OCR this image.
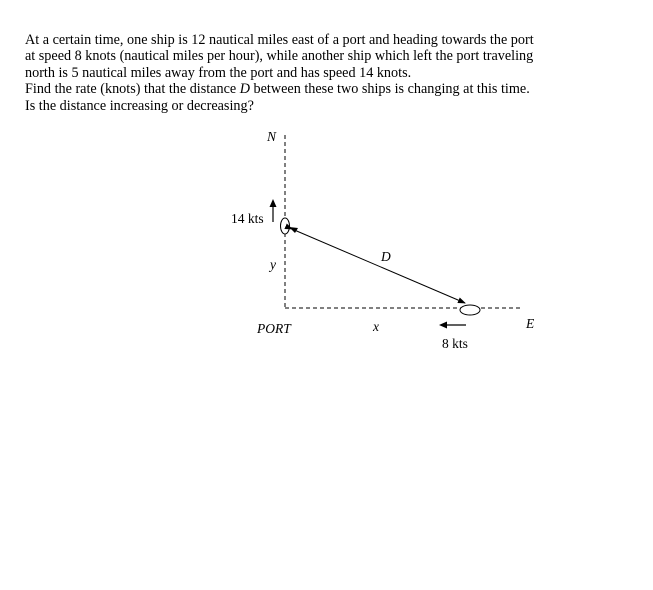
At a certain time, one ship is 12 nautical miles east of a port and heading towards the port
at speed 8 knots (nautical miles per hour), while another ship which left the port traveling
north is 5 nautical miles away from the port and has speed 14 knots.
Find the rate (knots) that the distance D between these two ships is changing at this time.
Is the distance increasing or decreasing?
N
E
PORT
D
y
x
14 kts
8 kts
